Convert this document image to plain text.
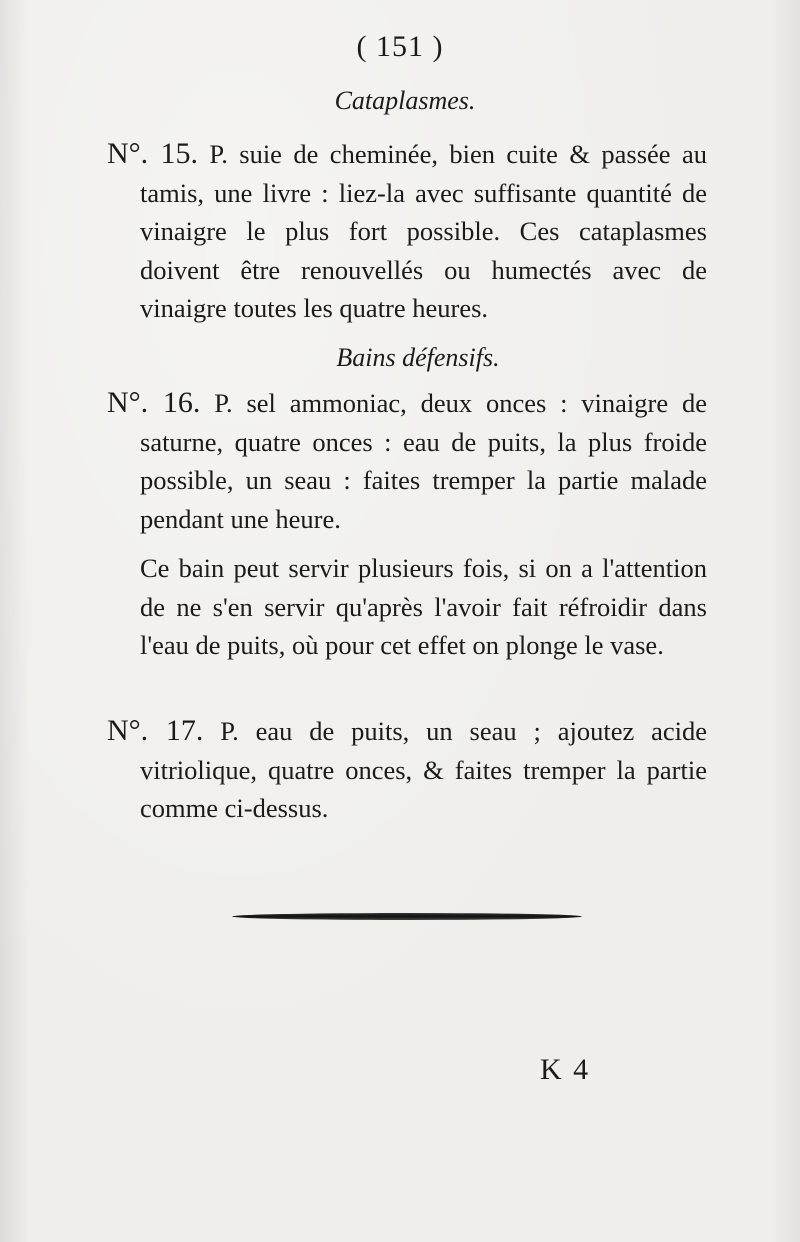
( 151 )
Cataplasmes.
N°. 15. P. suie de cheminée, bien cuite & passée au tamis, une livre : liez-la avec suffisante quantité de vinaigre le plus fort possible. Ces cataplasmes doivent être renouvellés ou humectés avec de vinaigre toutes les quatre heures.
Bains défensifs.
N°. 16. P. sel ammoniac, deux onces : vinaigre de saturne, quatre onces : eau de puits, la plus froide possible, un seau : faites tremper la partie malade pendant une heure.
Ce bain peut servir plusieurs fois, si on a l'attention de ne s'en servir qu'après l'avoir fait réfroidir dans l'eau de puits, où pour cet effet on plonge le vase.
N°. 17. P. eau de puits, un seau ; ajoutez acide vitriolique, quatre onces, & faites tremper la partie comme ci-dessus.
K 4
